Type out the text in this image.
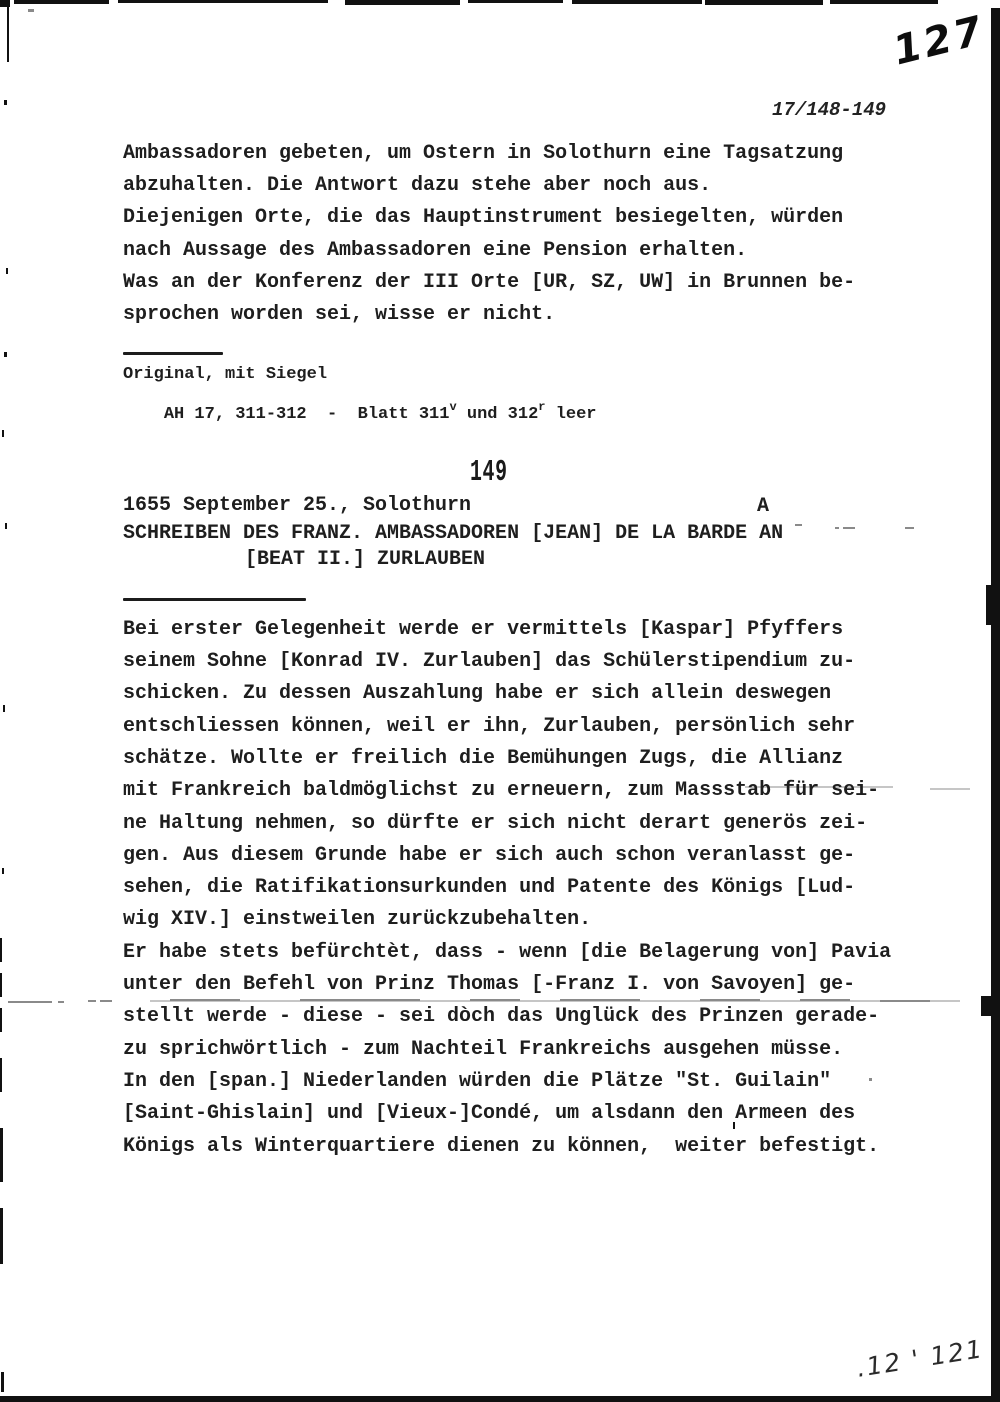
127
17/148-149
Ambassadoren gebeten, um Ostern in Solothurn eine Tagsatzung
abzuhalten. Die Antwort dazu stehe aber noch aus.
Diejenigen Orte, die das Hauptinstrument besiegelten, würden
nach Aussage des Ambassadoren eine Pension erhalten.
Was an der Konferenz der III Orte [UR, SZ, UW] in Brunnen be-
sprochen worden sei, wisse er nicht.
Original, mit Siegel

AH 17, 311-312  -  Blatt 311$^v$ und 312$^r$ leer

149
1655 September 25., Solothurn	A
SCHREIBEN DES FRANZ. AMBASSADOREN [JEAN] DE LA BARDE AN
[BEAT II.] ZURLAUBEN
Bei erster Gelegenheit werde er vermittels [Kaspar] Pfyffers
seinem Sohne [Konrad IV. Zurlauben] das Schülerstipendium zu-
schicken. Zu dessen Auszahlung habe er sich allein deswegen
entschliessen können, weil er ihn, Zurlauben, persönlich sehr
schätze. Wollte er freilich die Bemühungen Zugs, die Allianz
mit Frankreich baldmöglichst zu erneuern, zum Massstab für sei-
ne Haltung nehmen, so dürfte er sich nicht derart generös zei-
gen. Aus diesem Grunde habe er sich auch schon veranlasst ge-
sehen, die Ratifikationsurkunden und Patente des Königs [Lud-
wig XIV.] einstweilen zurückzubehalten.
Er habe stets befürchtèt, dass - wenn [die Belagerung von] Pavia
unter den Befehl von Prinz Thomas [-Franz I. von Savoyen] ge-
stellt werde - diese - sei dòch das Unglück des Prinzen gerade-
zu sprichwörtlich - zum Nachteil Frankreichs ausgehen müsse.
In den [span.] Niederlanden würden die Plätze "St. Guilain"
[Saint-Ghislain] und [Vieux-]Condé, um alsdann den Armeen des
Königs als Winterquartiere dienen zu können,  weiter befestigt.
.12 ' 121
